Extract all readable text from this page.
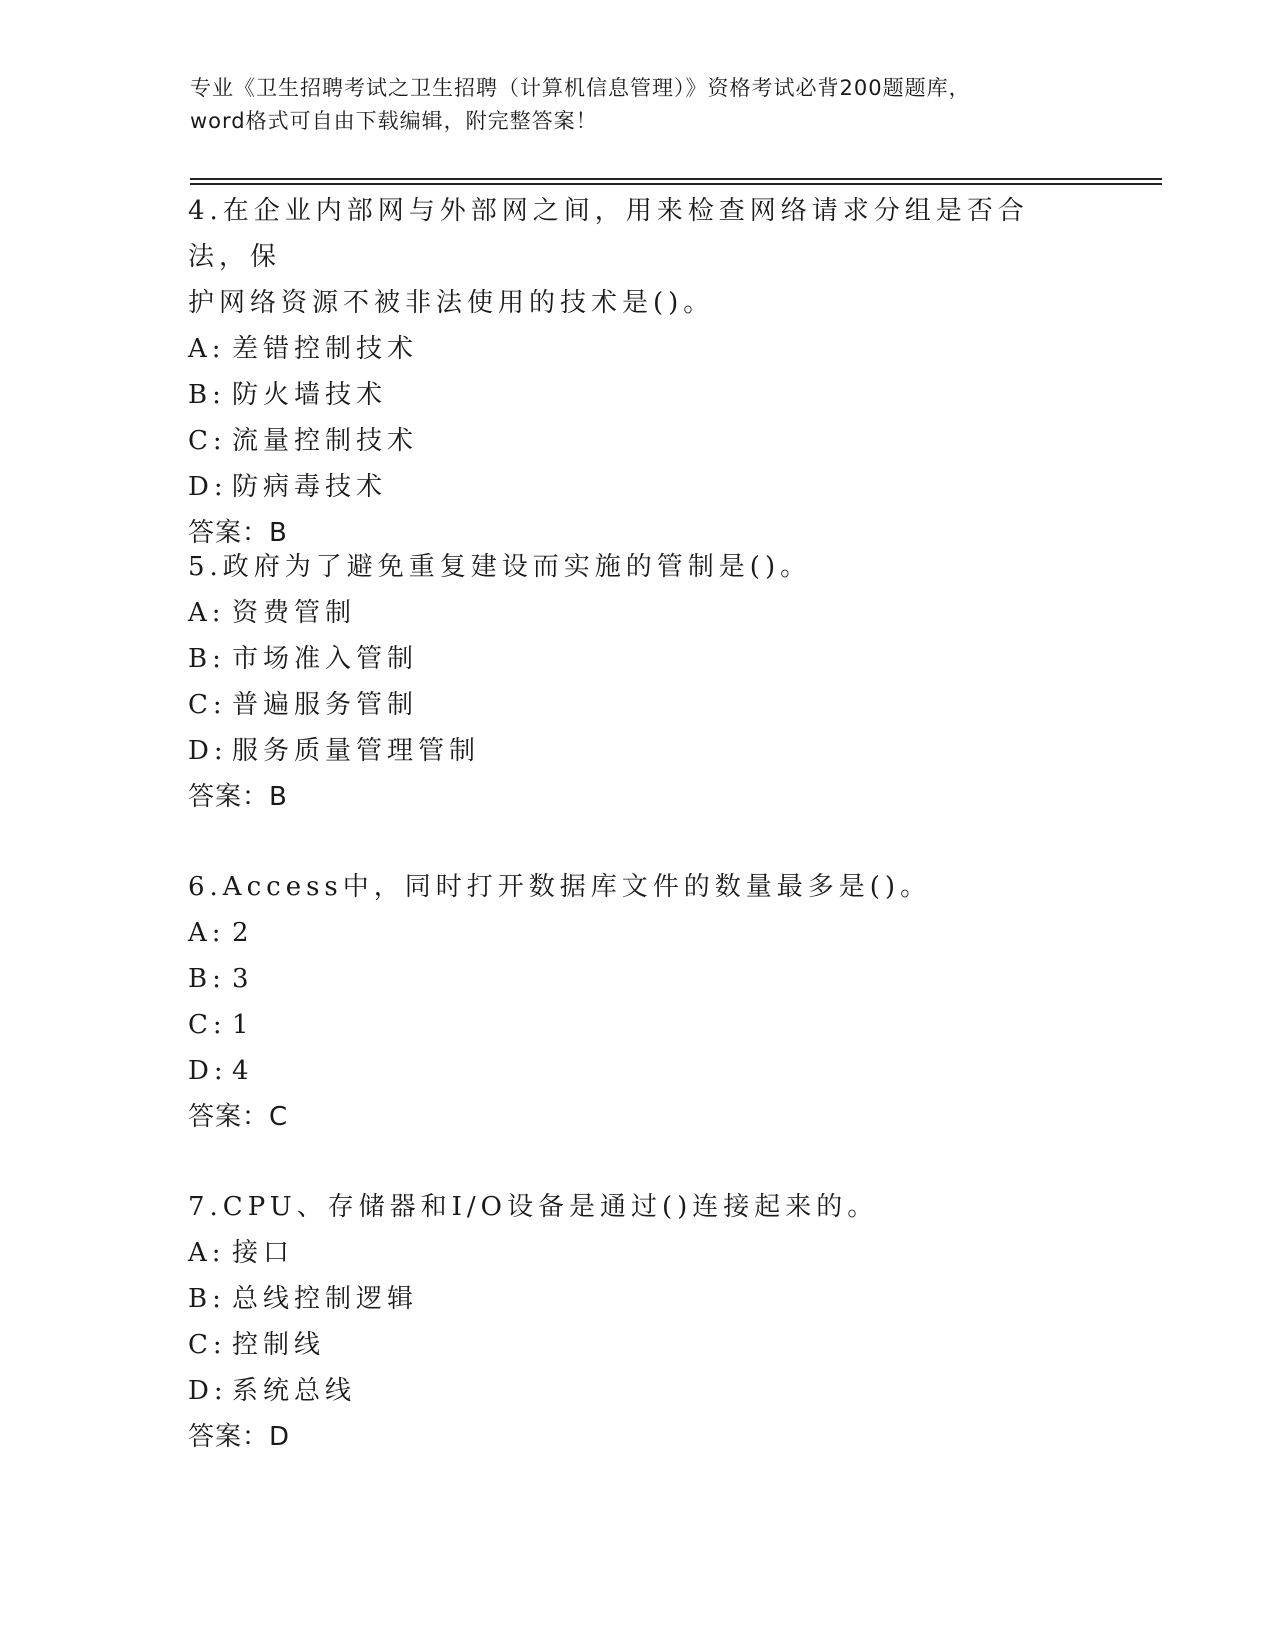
专业《卫生招聘考试之卫生招聘（计算机信息管理）》资格考试必背200题题库，
word格式可自由下载编辑，附完整答案！
4.在企业内部网与外部网之间，用来检查网络请求分组是否合法，保
护网络资源不被非法使用的技术是()。
A: 差错控制技术
B: 防火墙技术
C: 流量控制技术
D: 防病毒技术
答案：B
5.政府为了避免重复建设而实施的管制是()。
A: 资费管制
B: 市场准入管制
C: 普遍服务管制
D: 服务质量管理管制
答案：B
6.Access中，同时打开数据库文件的数量最多是()。
A: 2
B: 3
C: 1
D: 4
答案：C
7.CPU、存储器和I/O设备是通过()连接起来的。
A: 接口
B: 总线控制逻辑
C: 控制线
D: 系统总线
答案：D
